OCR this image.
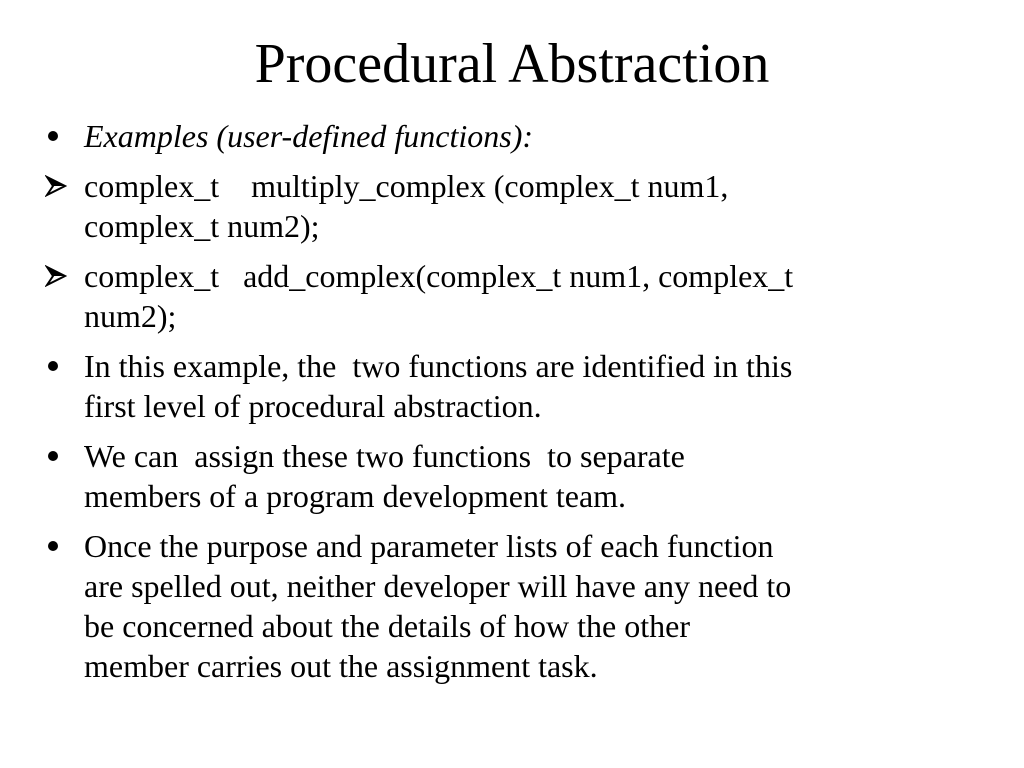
Procedural Abstraction
Examples (user-defined functions):
complex_t    multiply_complex (complex_t num1,
complex_t num2);
complex_t   add_complex(complex_t num1, complex_t
num2);
In this example, the  two functions are identified in this
first level of procedural abstraction.
We can  assign these two functions  to separate
members of a program development team.
Once the purpose and parameter lists of each function
are spelled out, neither developer will have any need to
be concerned about the details of how the other
member carries out the assignment task.
